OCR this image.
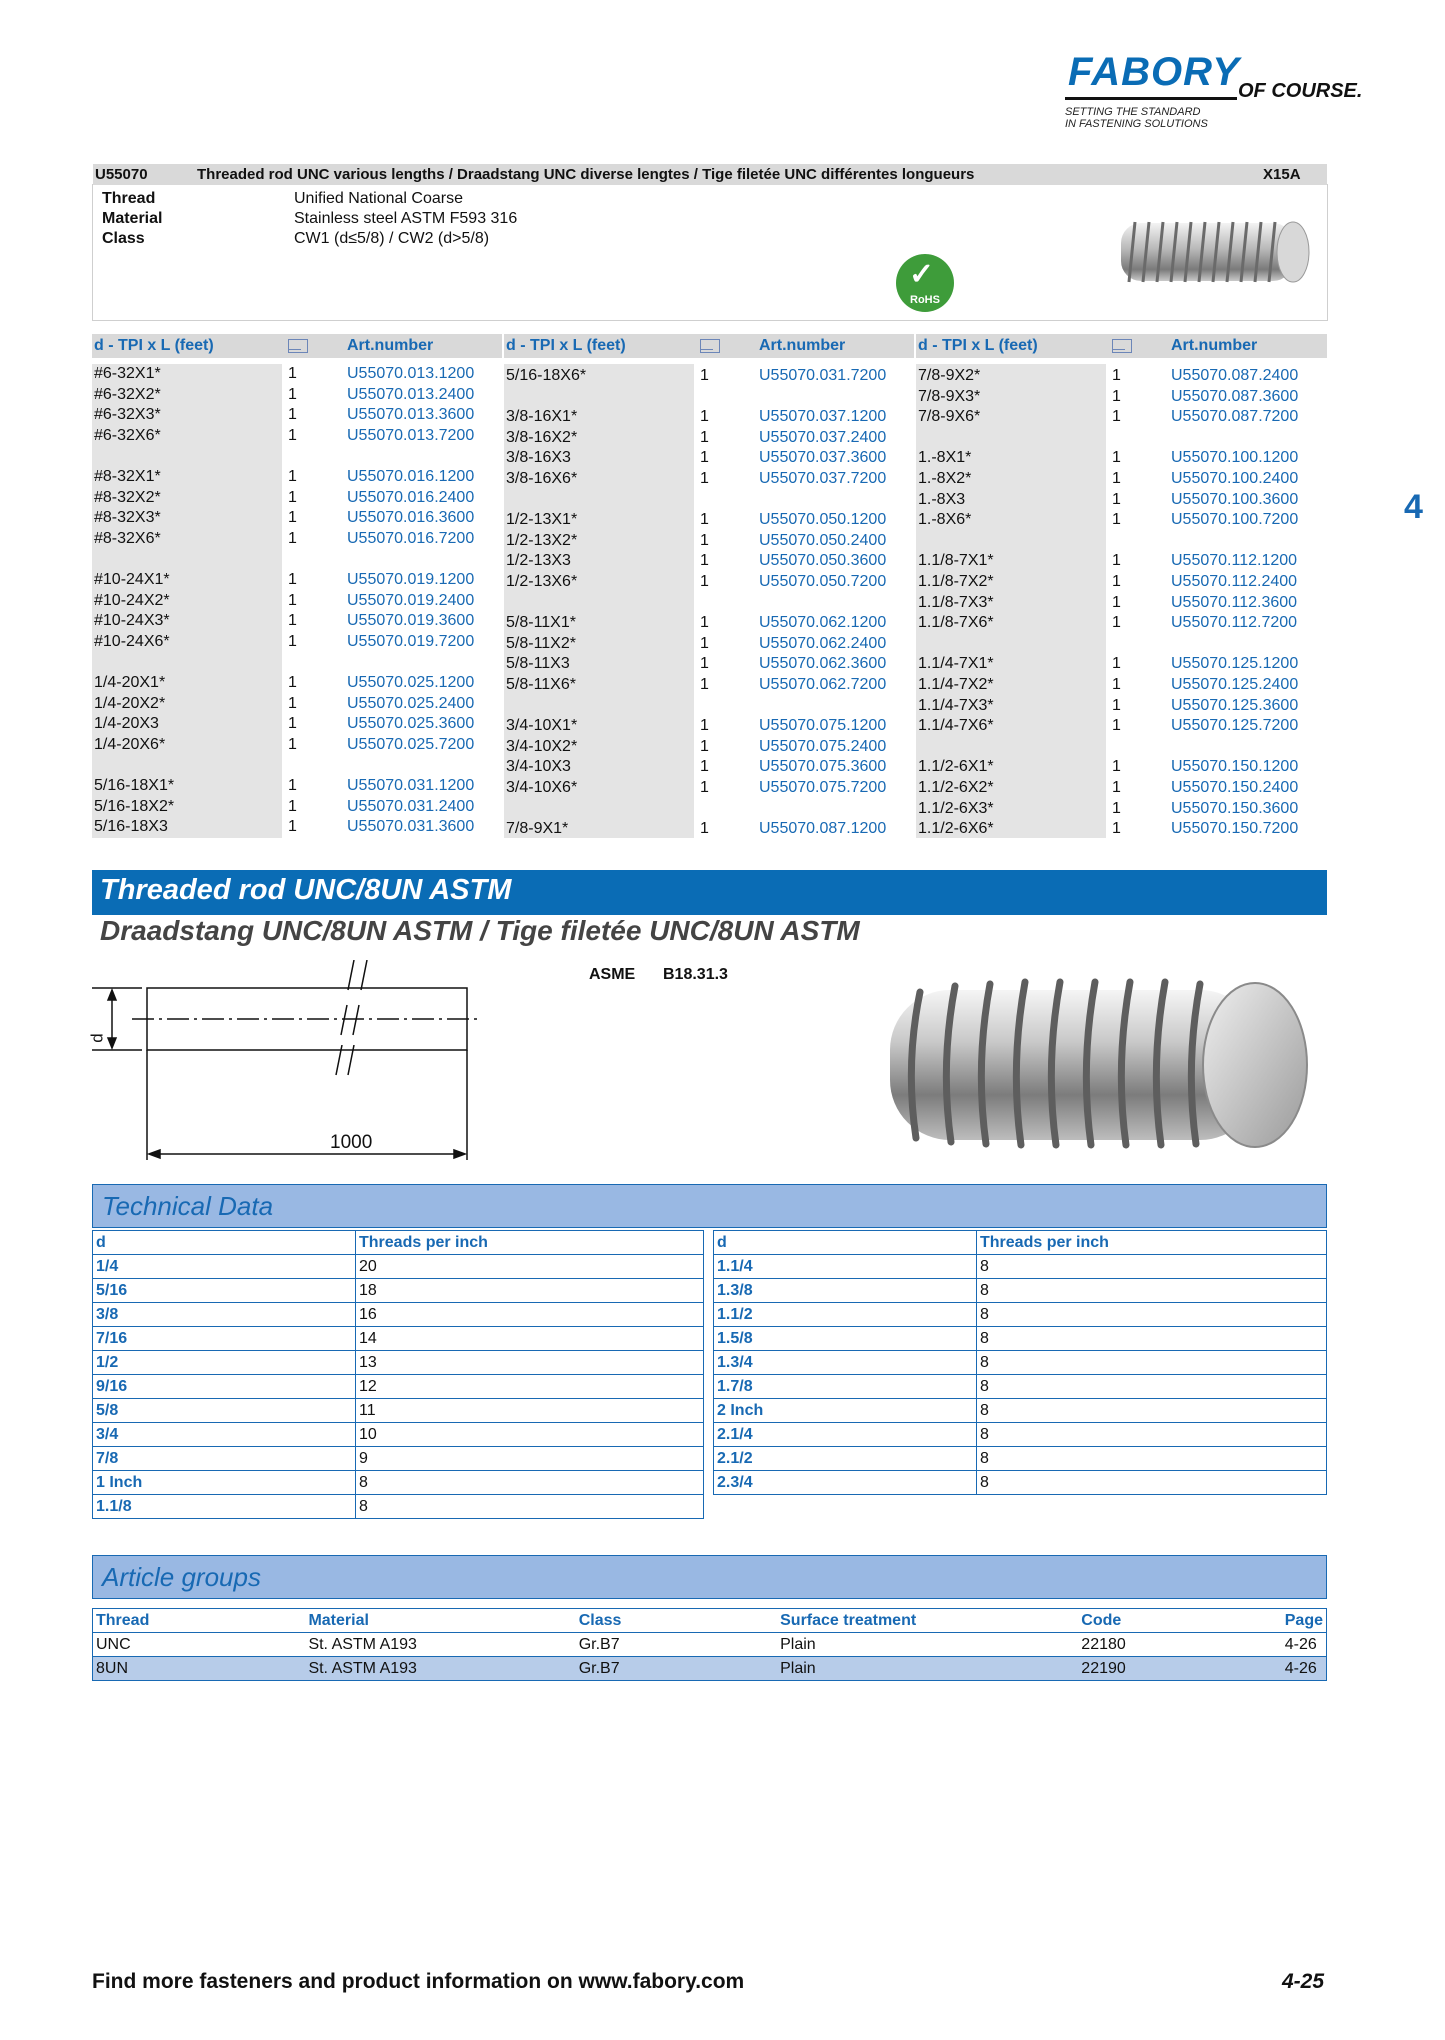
FABORY
OF COURSE.
SETTING THE STANDARD
IN FASTENING SOLUTIONS
U55070	Threaded rod UNC various lengths / Draadstang UNC diverse lengtes / Tige filetée UNC différentes longueurs	X15A
Thread	Unified National Coarse
Material	Stainless steel ASTM F593 316
Class	CW1 (d≤5/8) / CW2 (d>5/8)
✓
RoHS
d - TPI x L (feet)	Art.number	d - TPI x L (feet)	Art.number	d - TPI x L (feet)	Art.number
#6-32X1*	1	U55070.013.1200
#6-32X2*	1	U55070.013.2400
#6-32X3*	1	U55070.013.3600
#6-32X6*	1	U55070.013.7200
#8-32X1*	1	U55070.016.1200
#8-32X2*	1	U55070.016.2400
#8-32X3*	1	U55070.016.3600
#8-32X6*	1	U55070.016.7200
#10-24X1*	1	U55070.019.1200
#10-24X2*	1	U55070.019.2400
#10-24X3*	1	U55070.019.3600
#10-24X6*	1	U55070.019.7200
1/4-20X1*	1	U55070.025.1200
1/4-20X2*	1	U55070.025.2400
1/4-20X3	1	U55070.025.3600
1/4-20X6*	1	U55070.025.7200
5/16-18X1*	1	U55070.031.1200
5/16-18X2*	1	U55070.031.2400
5/16-18X3	1	U55070.031.3600
5/16-18X6*	1	U55070.031.7200
3/8-16X1*	1	U55070.037.1200
3/8-16X2*	1	U55070.037.2400
3/8-16X3	1	U55070.037.3600
3/8-16X6*	1	U55070.037.7200
1/2-13X1*	1	U55070.050.1200
1/2-13X2*	1	U55070.050.2400
1/2-13X3	1	U55070.050.3600
1/2-13X6*	1	U55070.050.7200
5/8-11X1*	1	U55070.062.1200
5/8-11X2*	1	U55070.062.2400
5/8-11X3	1	U55070.062.3600
5/8-11X6*	1	U55070.062.7200
3/4-10X1*	1	U55070.075.1200
3/4-10X2*	1	U55070.075.2400
3/4-10X3	1	U55070.075.3600
3/4-10X6*	1	U55070.075.7200
7/8-9X1*	1	U55070.087.1200
7/8-9X2*	1	U55070.087.2400
7/8-9X3*	1	U55070.087.3600
7/8-9X6*	1	U55070.087.7200
1.-8X1*	1	U55070.100.1200
1.-8X2*	1	U55070.100.2400
1.-8X3	1	U55070.100.3600
1.-8X6*	1	U55070.100.7200
1.1/8-7X1*	1	U55070.112.1200
1.1/8-7X2*	1	U55070.112.2400
1.1/8-7X3*	1	U55070.112.3600
1.1/8-7X6*	1	U55070.112.7200
1.1/4-7X1*	1	U55070.125.1200
1.1/4-7X2*	1	U55070.125.2400
1.1/4-7X3*	1	U55070.125.3600
1.1/4-7X6*	1	U55070.125.7200
1.1/2-6X1*	1	U55070.150.1200
1.1/2-6X2*	1	U55070.150.2400
1.1/2-6X3*	1	U55070.150.3600
1.1/2-6X6*	1	U55070.150.7200
4
Threaded rod UNC/8UN ASTM
Draadstang UNC/8UN ASTM / Tige filetée UNC/8UN ASTM
ASME B18.31.3
d
1000
Technical Data
d	Threads per inch
1/4	20
5/16	18
3/8	16
7/16	14
1/2	13
9/16	12
5/8	11
3/4	10
7/8	9
1 Inch	8
1.1/8	8
d	Threads per inch
1.1/4	8
1.3/8	8
1.1/2	8
1.5/8	8
1.3/4	8
1.7/8	8
2 Inch	8
2.1/4	8
2.1/2	8
2.3/4	8
Article groups
Thread	Material	Class	Surface treatment	Code	Page
UNC	St. ASTM A193	Gr.B7	Plain	22180	4-26
8UN	St. ASTM A193	Gr.B7	Plain	22190	4-26
Find more fasteners and product information on www.fabory.com	4-25
